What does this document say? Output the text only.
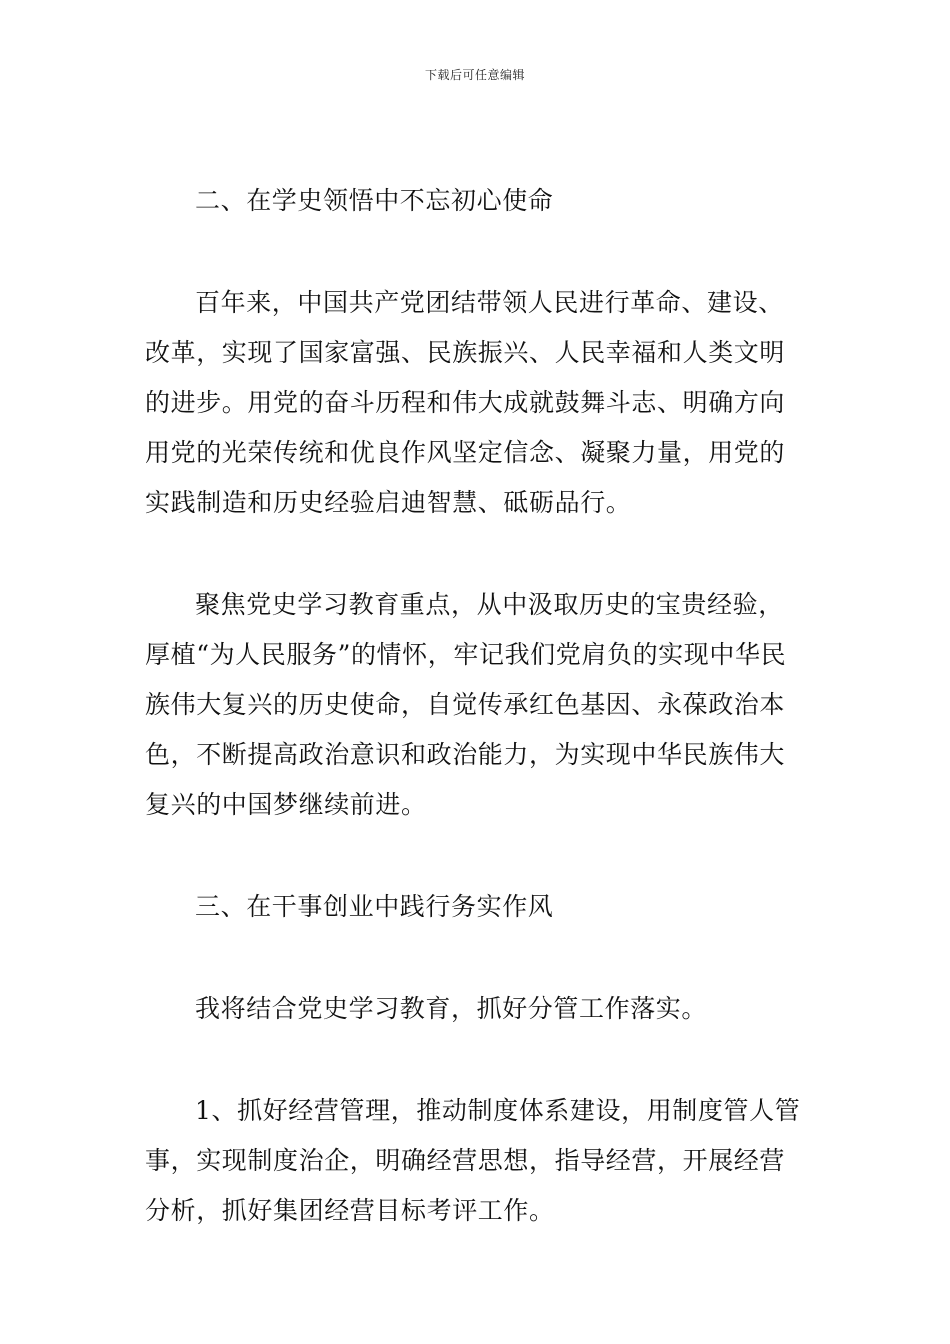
下载后可任意编辑

二、在学史领悟中不忘初心使命

百年来，中国共产党团结带领人民进行革命、建设、改革，实现了国家富强、民族振兴、人民幸福和人类文明的进步。用党的奋斗历程和伟大成就鼓舞斗志、明确方向用党的光荣传统和优良作风坚定信念、凝聚力量，用党的实践制造和历史经验启迪智慧、砥砺品行。

聚焦党史学习教育重点，从中汲取历史的宝贵经验，厚植“为人民服务”的情怀，牢记我们党肩负的实现中华民族伟大复兴的历史使命，自觉传承红色基因、永葆政治本色，不断提高政治意识和政治能力，为实现中华民族伟大复兴的中国梦继续前进。

三、在干事创业中践行务实作风

我将结合党史学习教育，抓好分管工作落实。

1、抓好经营管理，推动制度体系建设，用制度管人管事，实现制度治企，明确经营思想，指导经营，开展经营分析，抓好集团经营目标考评工作。
